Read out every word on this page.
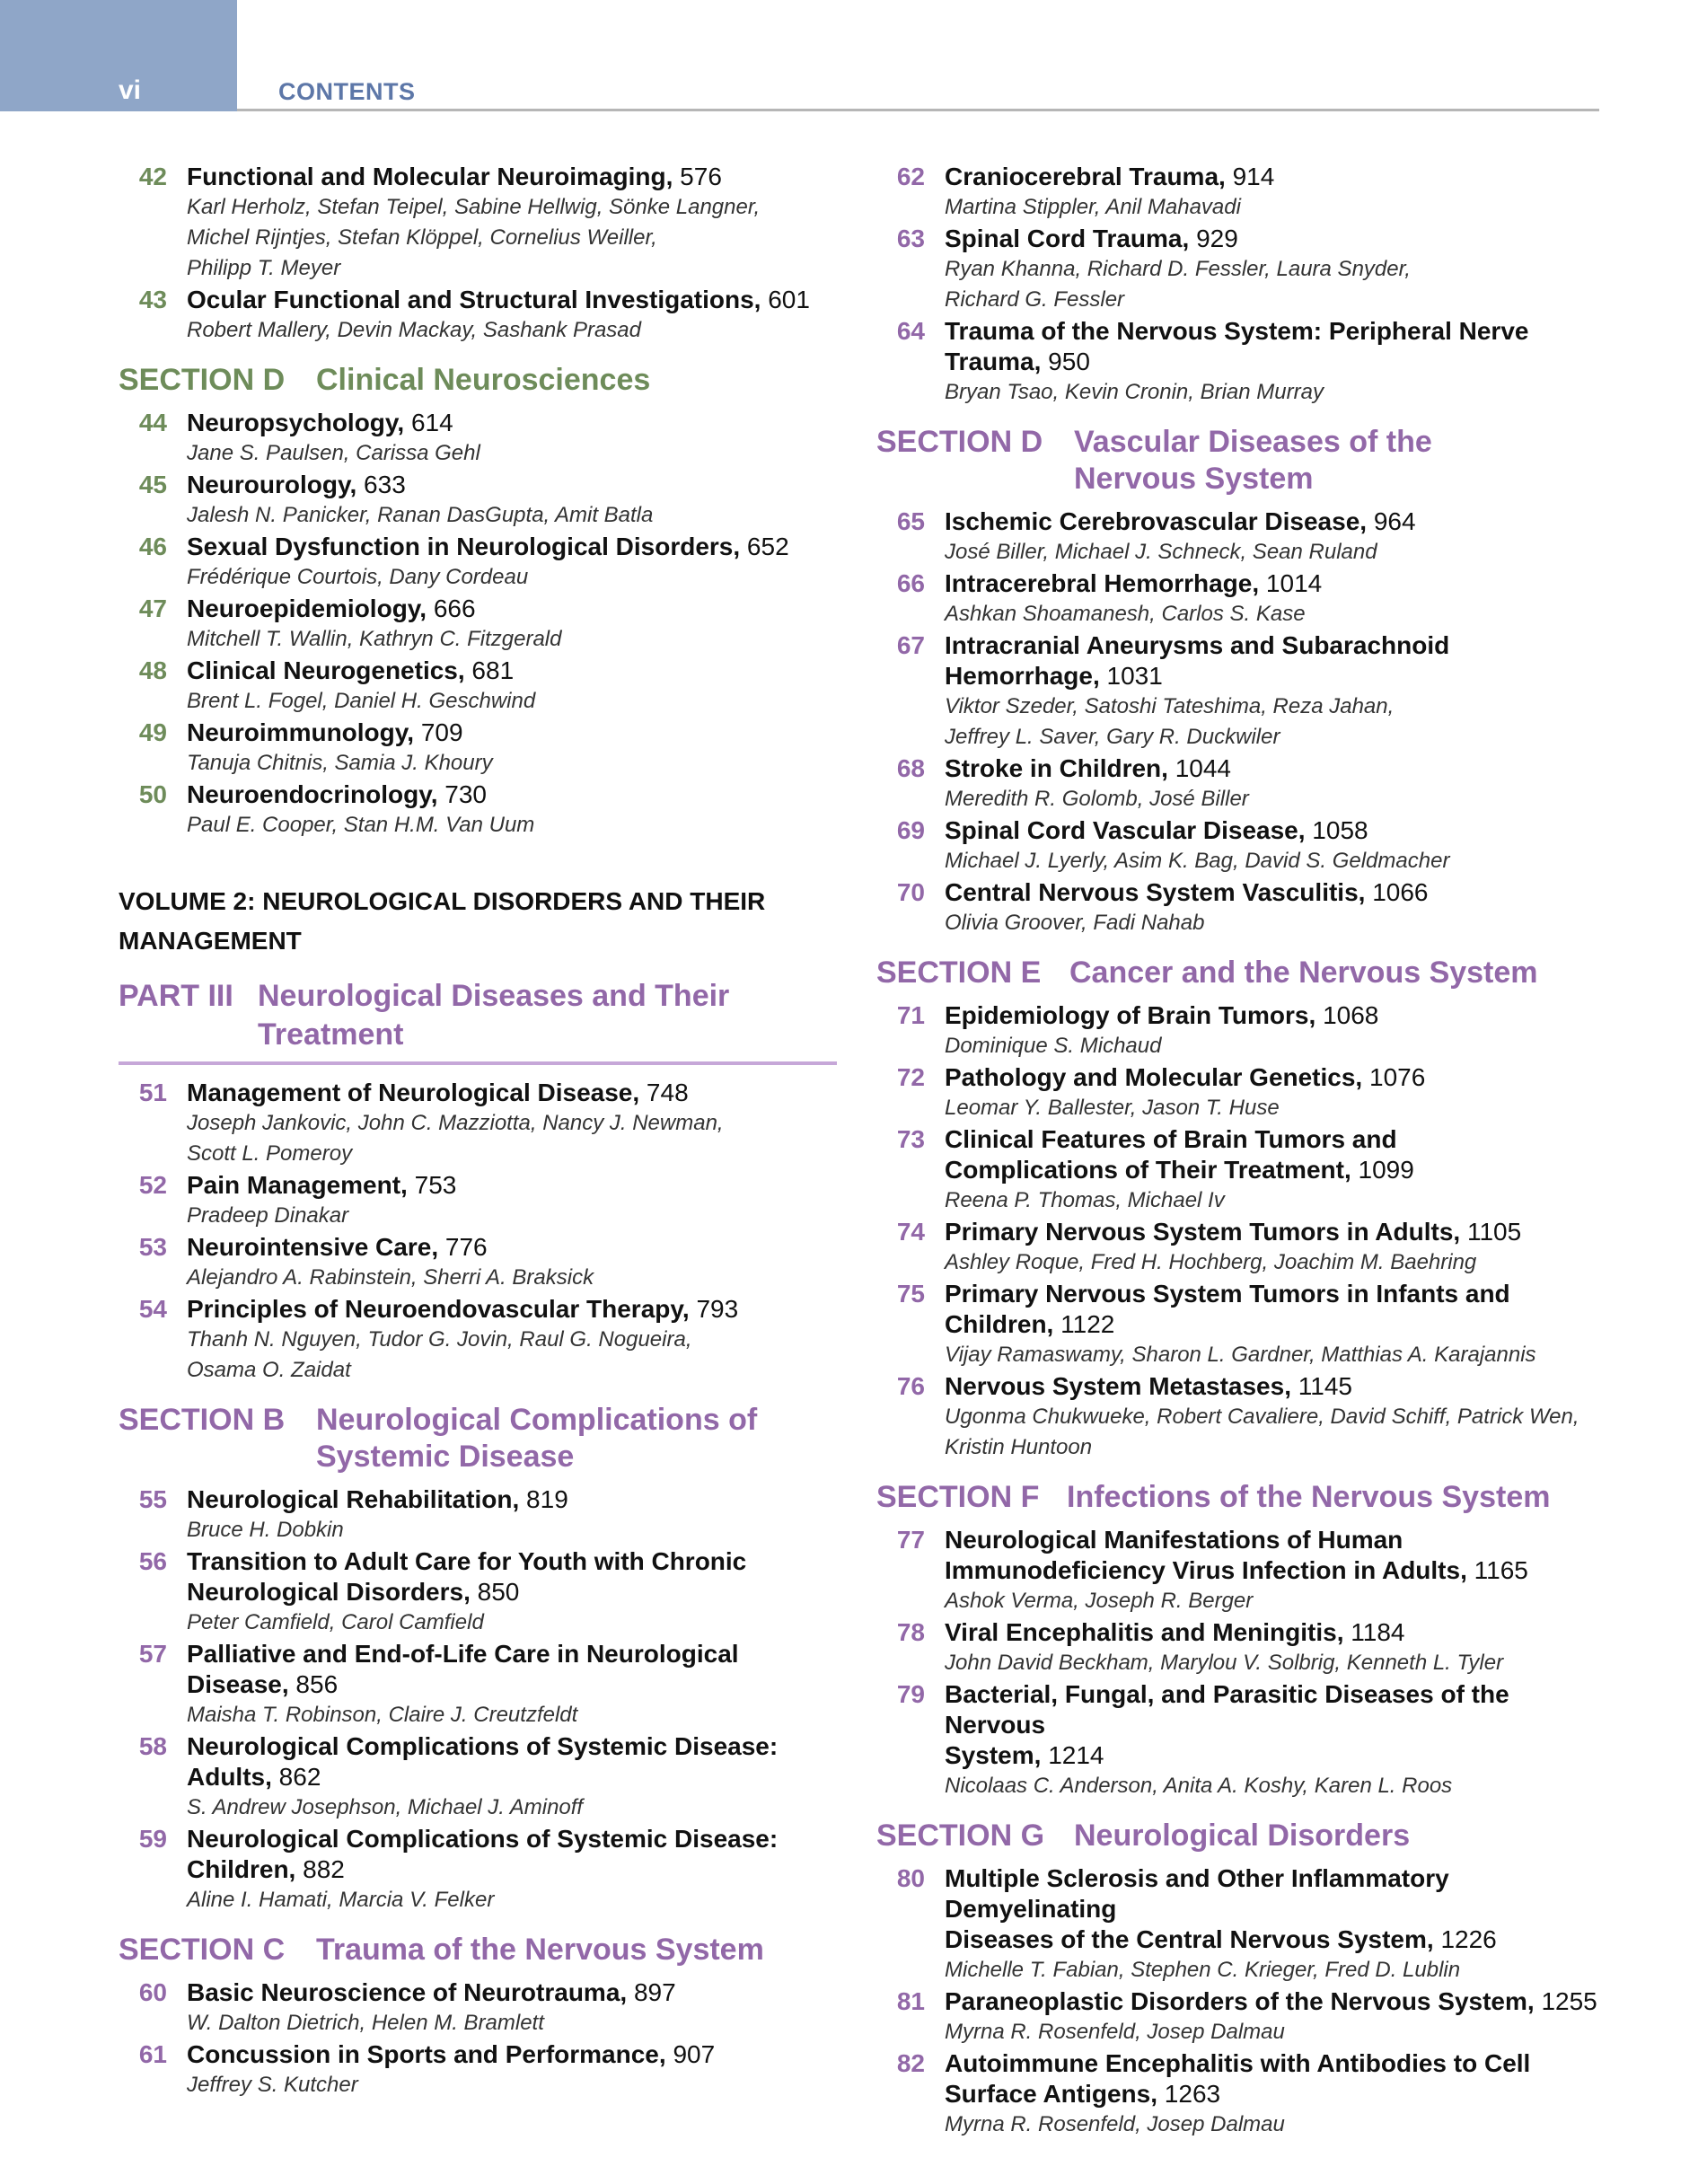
vi	CONTENTS
42 Functional and Molecular Neuroimaging, 576
Karl Herholz, Stefan Teipel, Sabine Hellwig, Sönke Langner,
Michel Rijntjes, Stefan Klöppel, Cornelius Weiller,
Philipp T. Meyer
43 Ocular Functional and Structural Investigations, 601
Robert Mallery, Devin Mackay, Sashank Prasad
SECTION D Clinical Neurosciences
44 Neuropsychology, 614
Jane S. Paulsen, Carissa Gehl
45 Neurourology, 633
Jalesh N. Panicker, Ranan DasGupta, Amit Batla
46 Sexual Dysfunction in Neurological Disorders, 652
Frédérique Courtois, Dany Cordeau
47 Neuroepidemiology, 666
Mitchell T. Wallin, Kathryn C. Fitzgerald
48 Clinical Neurogenetics, 681
Brent L. Fogel, Daniel H. Geschwind
49 Neuroimmunology, 709
Tanuja Chitnis, Samia J. Khoury
50 Neuroendocrinology, 730
Paul E. Cooper, Stan H.M. Van Uum
VOLUME 2: NEUROLOGICAL DISORDERS AND THEIR
MANAGEMENT
PART III Neurological Diseases and Their
Treatment
51 Management of Neurological Disease, 748
Joseph Jankovic, John C. Mazziotta, Nancy J. Newman,
Scott L. Pomeroy
52 Pain Management, 753
Pradeep Dinakar
53 Neurointensive Care, 776
Alejandro A. Rabinstein, Sherri A. Braksick
54 Principles of Neuroendovascular Therapy, 793
Thanh N. Nguyen, Tudor G. Jovin, Raul G. Nogueira,
Osama O. Zaidat
SECTION B Neurological Complications of
Systemic Disease
55 Neurological Rehabilitation, 819
Bruce H. Dobkin
56 Transition to Adult Care for Youth with Chronic
Neurological Disorders, 850
Peter Camfield, Carol Camfield
57 Palliative and End-of-Life Care in Neurological
Disease, 856
Maisha T. Robinson, Claire J. Creutzfeldt
58 Neurological Complications of Systemic Disease:
Adults, 862
S. Andrew Josephson, Michael J. Aminoff
59 Neurological Complications of Systemic Disease:
Children, 882
Aline I. Hamati, Marcia V. Felker
SECTION C Trauma of the Nervous System
60 Basic Neuroscience of Neurotrauma, 897
W. Dalton Dietrich, Helen M. Bramlett
61 Concussion in Sports and Performance, 907
Jeffrey S. Kutcher
62 Craniocerebral Trauma, 914
Martina Stippler, Anil Mahavadi
63 Spinal Cord Trauma, 929
Ryan Khanna, Richard D. Fessler, Laura Snyder,
Richard G. Fessler
64 Trauma of the Nervous System: Peripheral Nerve
Trauma, 950
Bryan Tsao, Kevin Cronin, Brian Murray
SECTION D Vascular Diseases of the
Nervous System
65 Ischemic Cerebrovascular Disease, 964
José Biller, Michael J. Schneck, Sean Ruland
66 Intracerebral Hemorrhage, 1014
Ashkan Shoamanesh, Carlos S. Kase
67 Intracranial Aneurysms and Subarachnoid
Hemorrhage, 1031
Viktor Szeder, Satoshi Tateshima, Reza Jahan,
Jeffrey L. Saver, Gary R. Duckwiler
68 Stroke in Children, 1044
Meredith R. Golomb, José Biller
69 Spinal Cord Vascular Disease, 1058
Michael J. Lyerly, Asim K. Bag, David S. Geldmacher
70 Central Nervous System Vasculitis, 1066
Olivia Groover, Fadi Nahab
SECTION E Cancer and the Nervous System
71 Epidemiology of Brain Tumors, 1068
Dominique S. Michaud
72 Pathology and Molecular Genetics, 1076
Leomar Y. Ballester, Jason T. Huse
73 Clinical Features of Brain Tumors and
Complications of Their Treatment, 1099
Reena P. Thomas, Michael Iv
74 Primary Nervous System Tumors in Adults, 1105
Ashley Roque, Fred H. Hochberg, Joachim M. Baehring
75 Primary Nervous System Tumors in Infants and
Children, 1122
Vijay Ramaswamy, Sharon L. Gardner, Matthias A. Karajannis
76 Nervous System Metastases, 1145
Ugonma Chukwueke, Robert Cavaliere, David Schiff, Patrick Wen,
Kristin Huntoon
SECTION F Infections of the Nervous System
77 Neurological Manifestations of Human
Immunodeficiency Virus Infection in Adults, 1165
Ashok Verma, Joseph R. Berger
78 Viral Encephalitis and Meningitis, 1184
John David Beckham, Marylou V. Solbrig, Kenneth L. Tyler
79 Bacterial, Fungal, and Parasitic Diseases of the Nervous
System, 1214
Nicolaas C. Anderson, Anita A. Koshy, Karen L. Roos
SECTION G Neurological Disorders
80 Multiple Sclerosis and Other Inflammatory Demyelinating
Diseases of the Central Nervous System, 1226
Michelle T. Fabian, Stephen C. Krieger, Fred D. Lublin
81 Paraneoplastic Disorders of the Nervous System, 1255
Myrna R. Rosenfeld, Josep Dalmau
82 Autoimmune Encephalitis with Antibodies to Cell
Surface Antigens, 1263
Myrna R. Rosenfeld, Josep Dalmau
